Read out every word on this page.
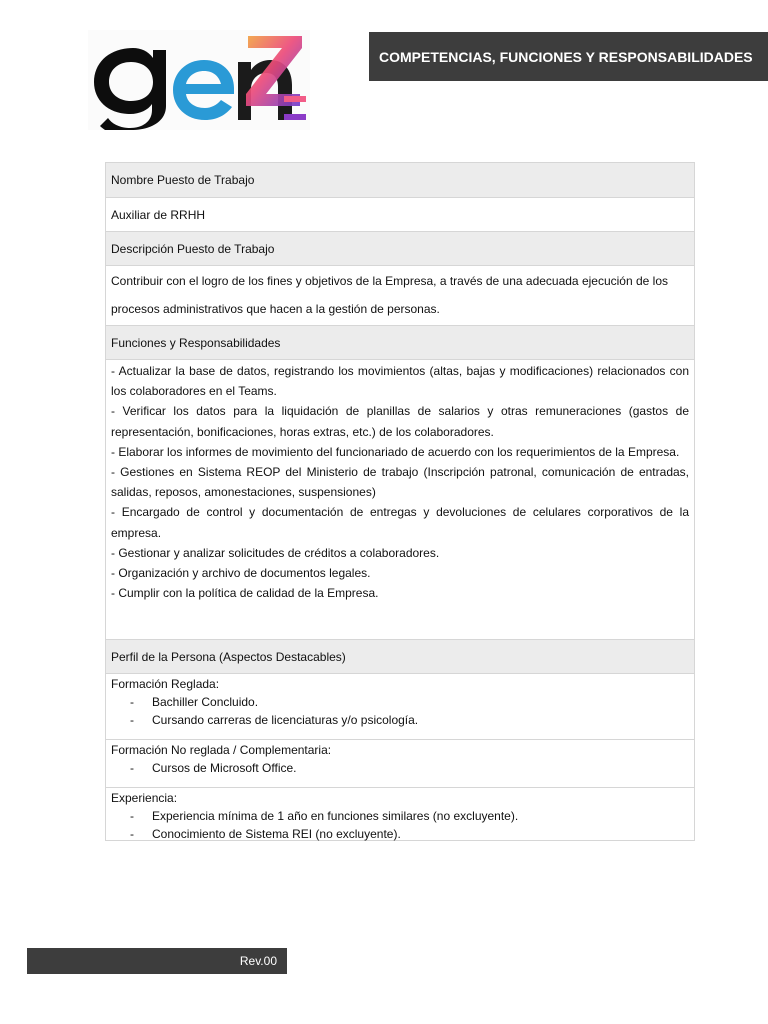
COMPETENCIAS, FUNCIONES Y RESPONSABILIDADES
Nombre Puesto de Trabajo
Auxiliar de RRHH
Descripción Puesto de Trabajo
Contribuir con el logro de los fines y objetivos de la Empresa, a través de una adecuada ejecución de los procesos administrativos que hacen a la gestión de personas.
Funciones y Responsabilidades

- Actualizar la base de datos, registrando los movimientos (altas, bajas y modificaciones) relacionados con los colaboradores en el Teams.

- Verificar los datos para la liquidación de planillas de salarios y otras remuneraciones (gastos de representación, bonificaciones, horas extras, etc.) de los colaboradores.

- Elaborar los informes de movimiento del funcionariado de acuerdo con los requerimientos de la Empresa.

- Gestiones en Sistema REOP del Ministerio de trabajo (Inscripción patronal, comunicación de entradas, salidas, reposos, amonestaciones, suspensiones)

- Encargado de control y documentación de entregas y devoluciones de celulares corporativos de la empresa.

- Gestionar y analizar solicitudes de créditos a colaboradores.

- Organización y archivo de documentos legales.

- Cumplir con la política de calidad de la Empresa.

Perfil de la Persona (Aspectos Destacables)
Formación Reglada:
- Bachiller Concluido.
- Cursando carreras de licenciaturas y/o psicología.
Formación No reglada / Complementaria:
- Cursos de Microsoft Office.
Experiencia:
- Experiencia mínima de 1 año en funciones similares (no excluyente).
- Conocimiento de Sistema REI (no excluyente).
Rev.00
